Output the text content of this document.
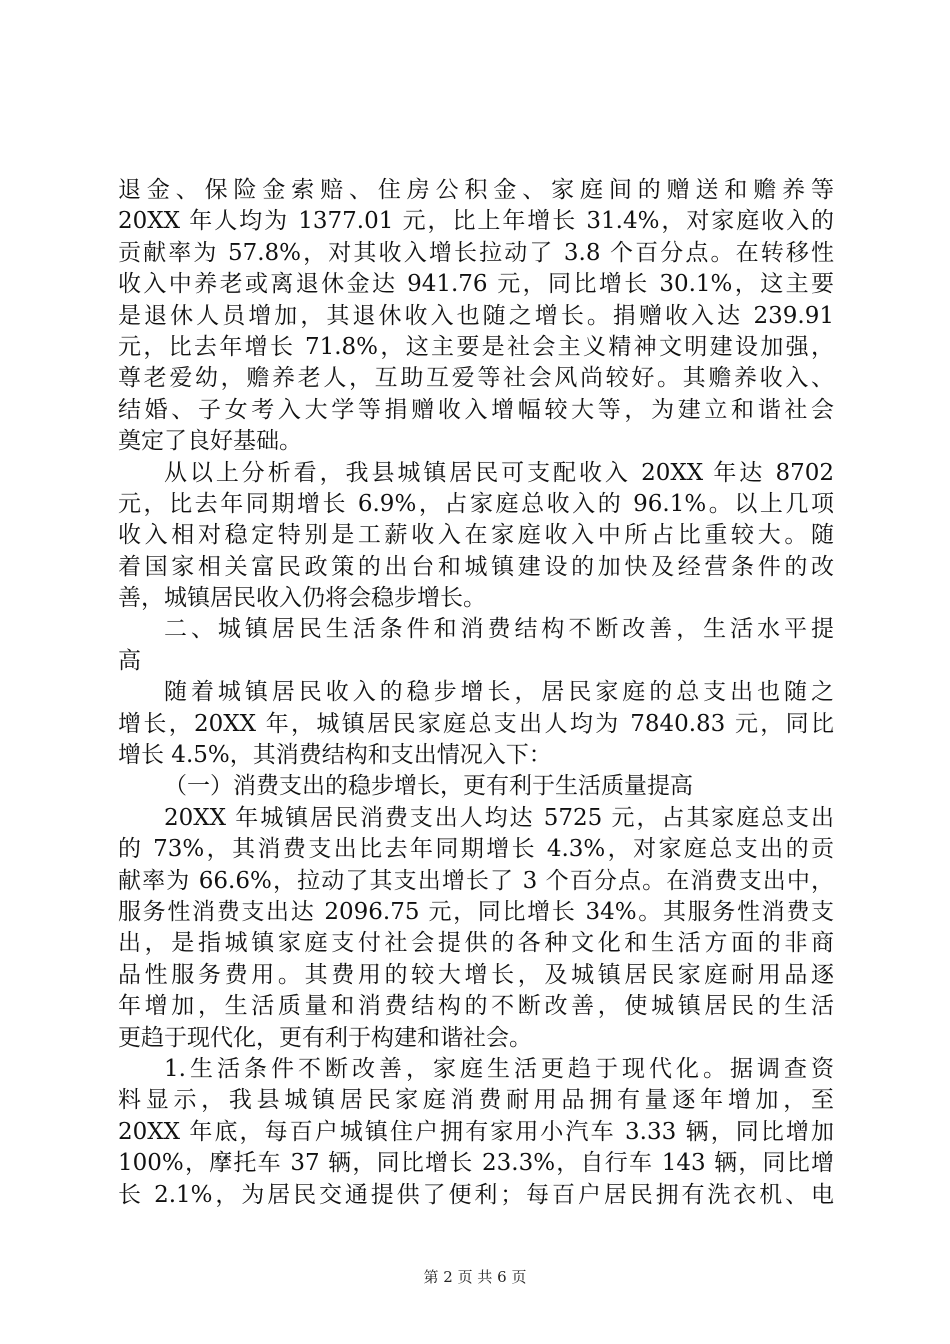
退金、保险金索赔、住房公积金、家庭间的赠送和赡养等
20XX 年人均为 1377.01 元，比上年增长 31.4%，对家庭收入的
贡献率为 57.8%，对其收入增长拉动了 3.8 个百分点。在转移性
收入中养老或离退休金达 941.76 元，同比增长 30.1%，这主要
是退休人员增加，其退休收入也随之增长。捐赠收入达 239.91
元，比去年增长 71.8%，这主要是社会主义精神文明建设加强，
尊老爱幼，赡养老人，互助互爱等社会风尚较好。其赡养收入、
结婚、子女考入大学等捐赠收入增幅较大等，为建立和谐社会
奠定了良好基础。
从以上分析看，我县城镇居民可支配收入 20XX 年达 8702
元，比去年同期增长 6.9%，占家庭总收入的 96.1%。以上几项
收入相对稳定特别是工薪收入在家庭收入中所占比重较大。随
着国家相关富民政策的出台和城镇建设的加快及经营条件的改
善，城镇居民收入仍将会稳步增长。
二、城镇居民生活条件和消费结构不断改善，生活水平提
高
随着城镇居民收入的稳步增长，居民家庭的总支出也随之
增长，20XX 年，城镇居民家庭总支出人均为 7840.83 元，同比
增长 4.5%，其消费结构和支出情况入下：
（一）消费支出的稳步增长，更有利于生活质量提高
20XX 年城镇居民消费支出人均达 5725 元，占其家庭总支出
的 73%，其消费支出比去年同期增长 4.3%，对家庭总支出的贡
献率为 66.6%，拉动了其支出增长了 3 个百分点。在消费支出中，
服务性消费支出达 2096.75 元，同比增长 34%。其服务性消费支
出，是指城镇家庭支付社会提供的各种文化和生活方面的非商
品性服务费用。其费用的较大增长，及城镇居民家庭耐用品逐
年增加，生活质量和消费结构的不断改善，使城镇居民的生活
更趋于现代化，更有利于构建和谐社会。
1.生活条件不断改善，家庭生活更趋于现代化。据调查资
料显示，我县城镇居民家庭消费耐用品拥有量逐年增加，至
20XX 年底，每百户城镇住户拥有家用小汽车 3.33 辆，同比增加
100%，摩托车 37 辆，同比增长 23.3%，自行车 143 辆，同比增
长 2.1%，为居民交通提供了便利；每百户居民拥有洗衣机、电
第 2 页 共 6 页
